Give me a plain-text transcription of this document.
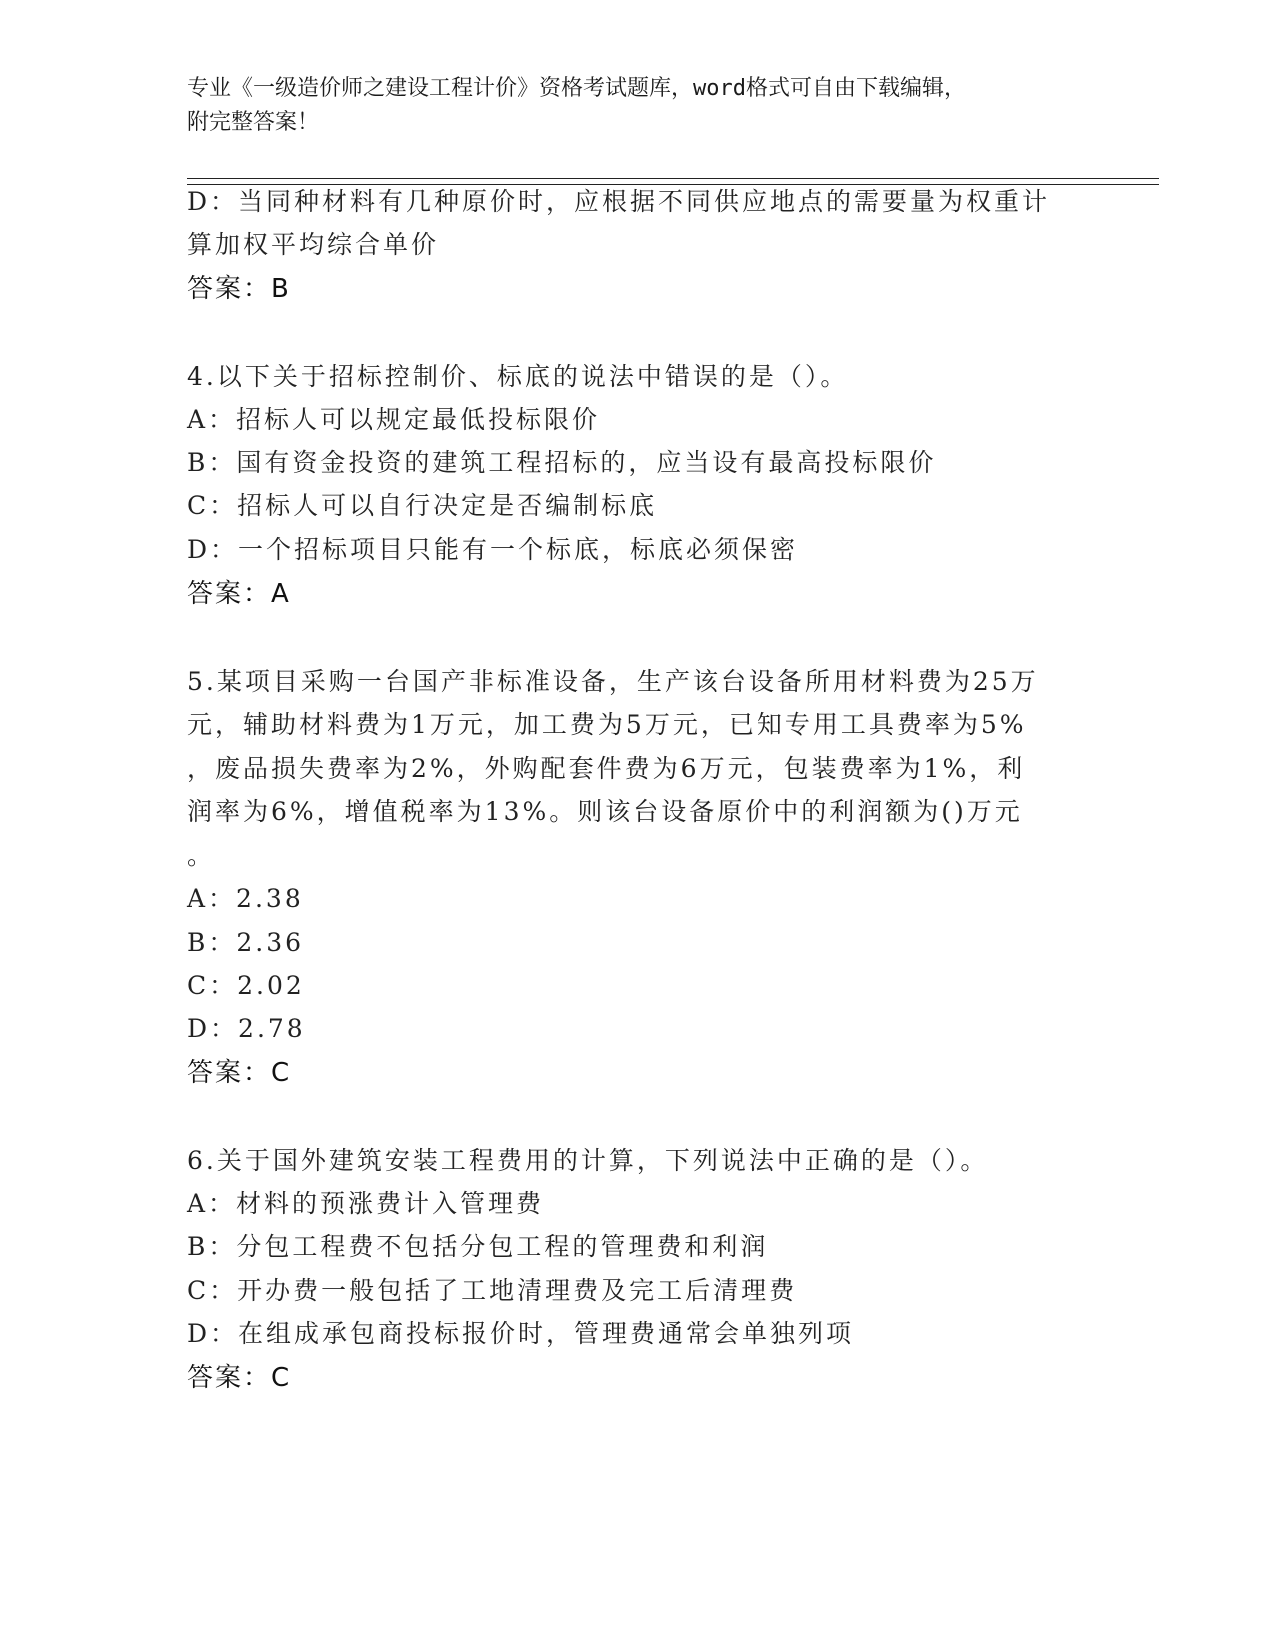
专业《一级造价师之建设工程计价》资格考试题库，word格式可自由下载编辑，
附完整答案！
D：当同种材料有几种原价时，应根据不同供应地点的需要量为权重计
算加权平均综合单价
答案：B
4.以下关于招标控制价、标底的说法中错误的是（）。
A：招标人可以规定最低投标限价
B：国有资金投资的建筑工程招标的，应当设有最高投标限价
C：招标人可以自行决定是否编制标底
D：一个招标项目只能有一个标底，标底必须保密
答案：A
5.某项目采购一台国产非标准设备，生产该台设备所用材料费为25万
元，辅助材料费为1万元，加工费为5万元，已知专用工具费率为5%
，废品损失费率为2%，外购配套件费为6万元，包装费率为1%，利
润率为6%，增值税率为13%。则该台设备原价中的利润额为()万元
。
A：2.38
B：2.36
C：2.02
D：2.78
答案：C
6.关于国外建筑安装工程费用的计算，下列说法中正确的是（）。
A：材料的预涨费计入管理费
B：分包工程费不包括分包工程的管理费和利润
C：开办费一般包括了工地清理费及完工后清理费
D：在组成承包商投标报价时，管理费通常会单独列项
答案：C
